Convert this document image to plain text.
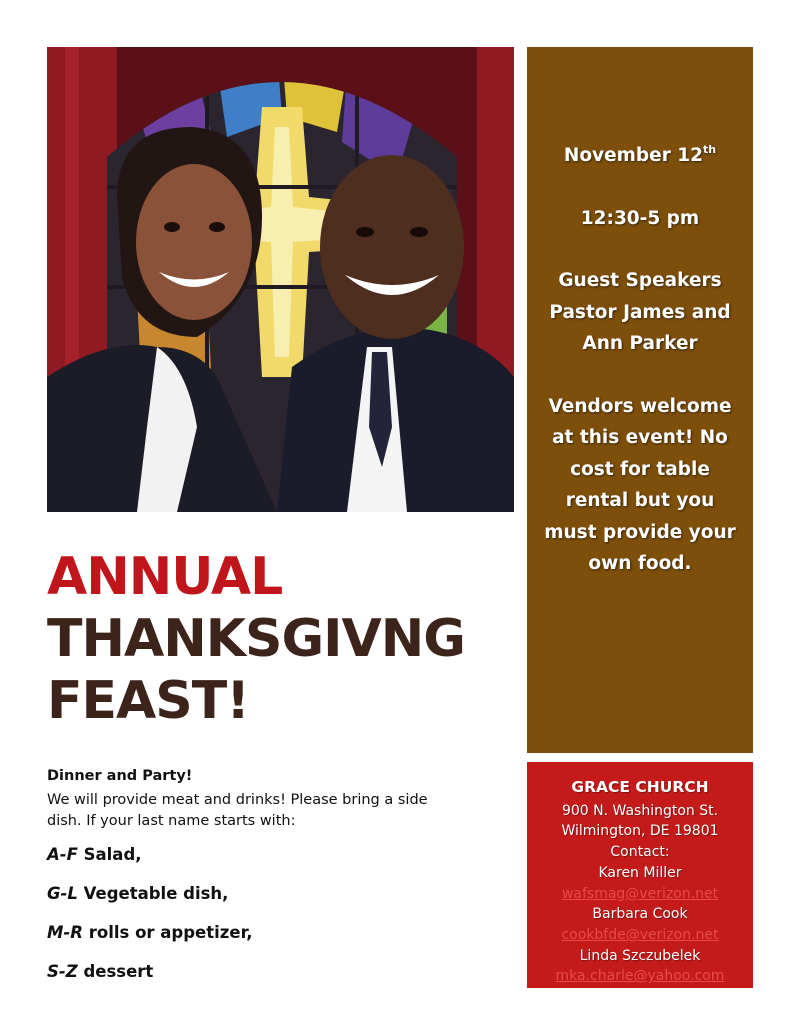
November 12th

12:30-5 pm

Guest Speakers

Pastor James and

Ann Parker

Vendors welcome

at this event! No

cost for table

rental but you

must provide your

own food.

ANNUAL
THANKSGIVNG
FEAST!

Dinner and Party!

We will provide meat and drinks! Please bring a side
dish. If your last name starts with:

A-F Salad,

G-L Vegetable dish,

M-R rolls or appetizer,

S-Z dessert

GRACE CHURCH
900 N. Washington St.
Wilmington, DE 19801
Contact:
Karen Miller
wafsmag@verizon.net
Barbara Cook
cookbfde@verizon.net
Linda Szczubelek
mka.charle@yahoo.com
